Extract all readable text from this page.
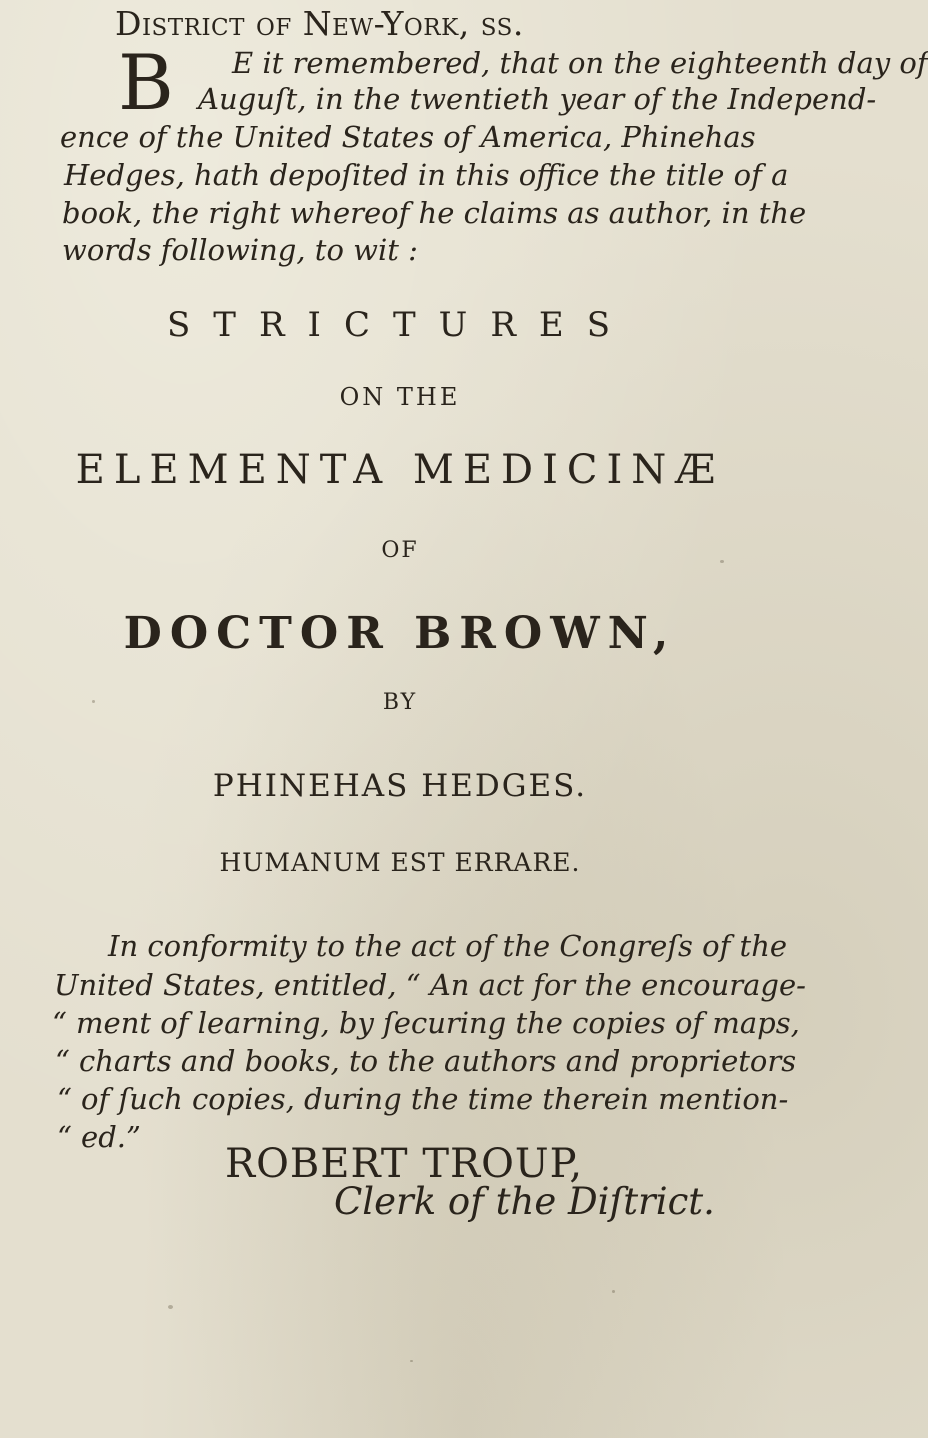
District of New-York, ſs.
B E it remembered, that on the eighteenth day of
Auguſt, in the twentieth year of the Independ-
ence of the United States of America, Phinehas
Hedges, hath depoſited in this office the title of a
book, the right whereof he claims as author, in the
words following, to wit :
STRICTURES
ON THE
ELEMENTA MEDICINÆ
OF
DOCTOR BROWN,
BY
PHINEHAS HEDGES.
HUMANUM EST ERRARE.
In conformity to the act of the Congreſs of the
United States, entitled, “ An act for the encourage-
“ ment of learning, by ſecuring the copies of maps,
“ charts and books, to the authors and proprietors
“ of ſuch copies, during the time therein mention-
“ ed.”
ROBERT TROUP,
Clerk of the Diſtrict.
